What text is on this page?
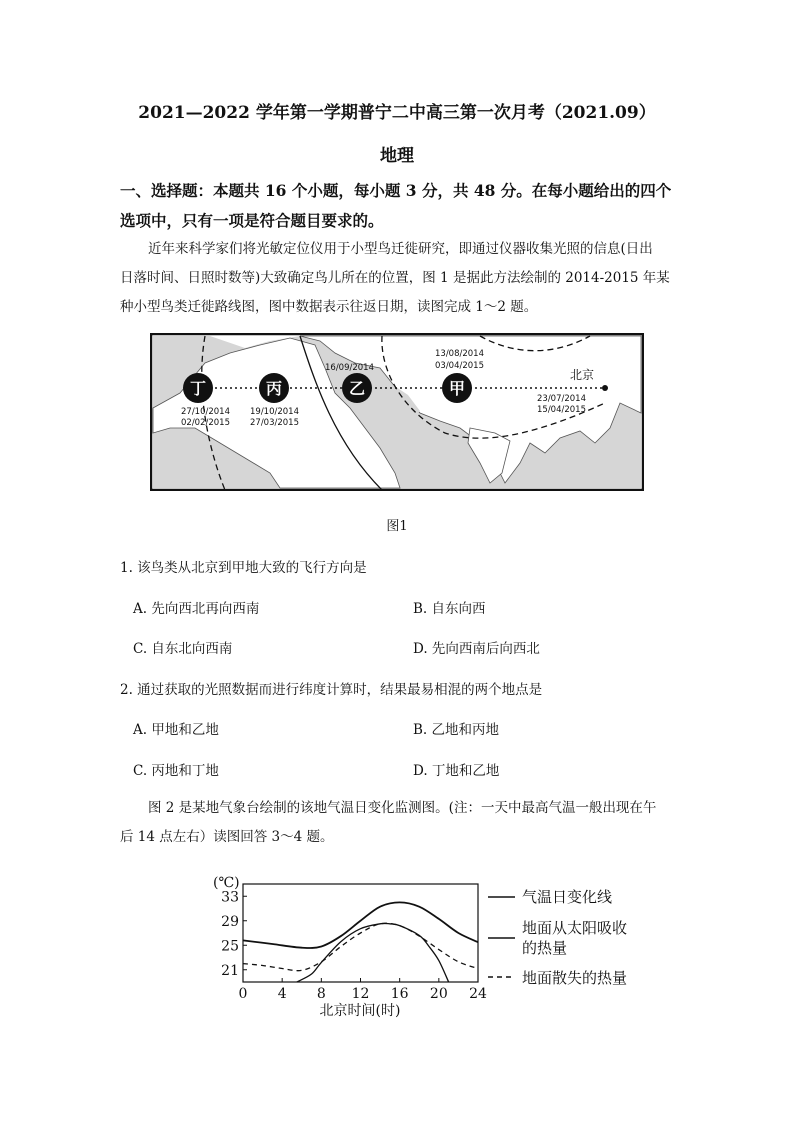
2021—2022 学年第一学期普宁二中高三第一次月考（2021.09）
地理
一、选择题：本题共 16 个小题，每小题 3 分，共 48 分。在每小题给出的四个
选项中，只有一项是符合题目要求的。
近年来科学家们将光敏定位仪用于小型鸟迁徙研究，即通过仪器收集光照的信息(日出
日落时间、日照时数等)大致确定鸟儿所在的位置，图 1 是据此方法绘制的 2014-2015 年某
种小型鸟类迁徙路线图，图中数据表示往返日期，读图完成 1～2 题。
丁
27/10/2014
02/02/2015
丙
19/10/2014
27/03/2015
16/09/2014
乙
13/08/2014
03/04/2015
甲
北京
23/07/2014
15/04/2015
图1
1. 该鸟类从北京到甲地大致的飞行方向是
A. 先向西北再向西南	B. 自东向西
C. 自东北向西南	D. 先向西南后向西北
2. 通过获取的光照数据而进行纬度计算时，结果最易相混的两个地点是
A. 甲地和乙地	B. 乙地和丙地
C. 丙地和丁地	D. 丁地和乙地
图 2 是某地气象台绘制的该地气温日变化监测图。(注：一天中最高气温一般出现在午
后 14 点左右）读图回答 3～4 题。
(℃)
0 4 8 12 16 20 24
21
25
29
33
北京时间(时)
气温日变化线
地面从太阳吸收
的热量
地面散失的热量
